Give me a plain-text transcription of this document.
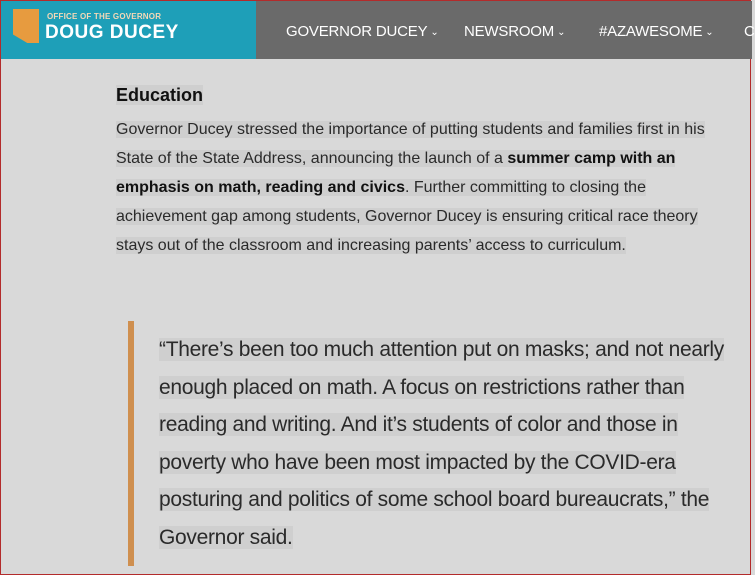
OFFICE OF THE GOVERNOR
DOUG DUCEY	GOVERNOR DUCEY ⌄ NEWSROOM ⌄ #AZAWESOME ⌄ C
Education
Governor Ducey stressed the importance of putting students and families first in his State of the State Address, announcing the launch of a summer camp with an emphasis on math, reading and civics. Further committing to closing the achievement gap among students, Governor Ducey is ensuring critical race theory stays out of the classroom and increasing parents’ access to curriculum.
“There’s been too much attention put on masks; and not nearly enough placed on math. A focus on restrictions rather than reading and writing. And it’s students of color and those in poverty who have been most impacted by the COVID-era posturing and politics of some school board bureaucrats,” the Governor said.
